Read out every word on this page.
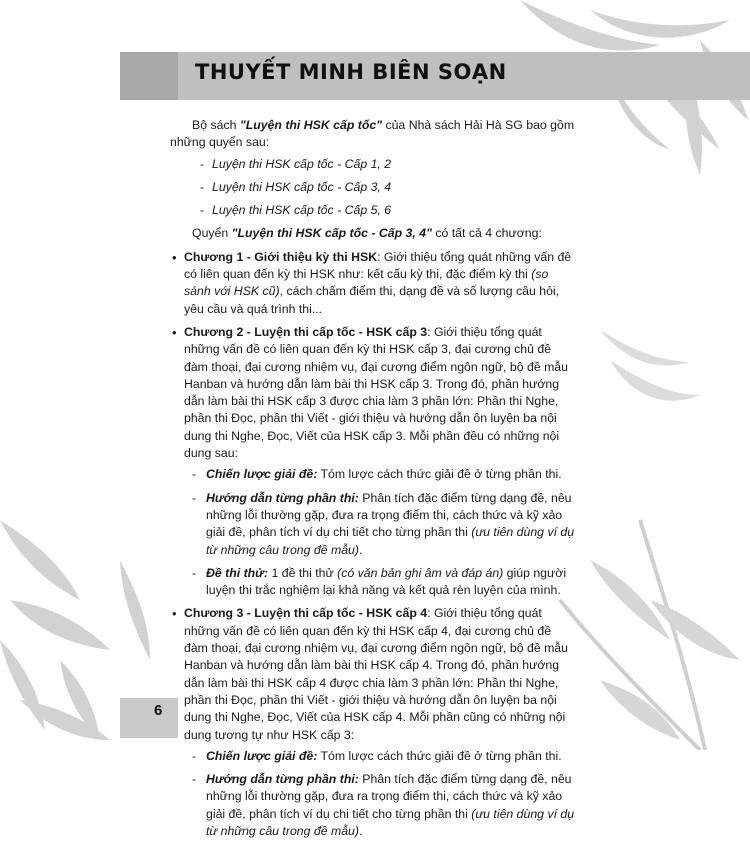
THUYẾT MINH BIÊN SOẠN

Bộ sách "Luyện thi HSK cấp tốc" của Nhà sách Hải Hà SG bao gồm những quyển sau:

- Luyện thi HSK cấp tốc - Cấp 1, 2
- Luyện thi HSK cấp tốc - Cấp 3, 4
- Luyện thi HSK cấp tốc - Cấp 5, 6

Quyển "Luyện thi HSK cấp tốc - Cấp 3, 4" có tất cả 4 chương:

• Chương 1 - Giới thiệu kỳ thi HSK: Giới thiệu tổng quát những vấn đề có liên quan đến kỳ thi HSK như: kết cấu kỳ thi, đặc điểm kỳ thi (so sánh với HSK cũ), cách chấm điểm thi, dạng đề và số lượng câu hỏi, yêu cầu và quá trình thi...
• Chương 2 - Luyện thi cấp tốc - HSK cấp 3: Giới thiệu tổng quát những vấn đề có liên quan đến kỳ thi HSK cấp 3, đại cương chủ đề đàm thoại, đại cương nhiệm vụ, đại cương điểm ngôn ngữ, bộ đề mẫu Hanban và hướng dẫn làm bài thi HSK cấp 3. Trong đó, phần hướng dẫn làm bài thi HSK cấp 3 được chia làm 3 phần lớn: Phần thi Nghe, phần thi Đọc, phần thi Viết - giới thiệu và hướng dẫn ôn luyện ba nội dung thi Nghe, Đọc, Viết của HSK cấp 3. Mỗi phần đều có những nội dung sau:
- Chiến lược giải đề: Tóm lược cách thức giải đề ở từng phần thi.
- Hướng dẫn từng phần thi: Phân tích đặc điểm từng dạng đề, nêu những lỗi thường gặp, đưa ra trọng điểm thi, cách thức và kỹ xảo giải đề, phân tích ví dụ chi tiết cho từng phần thi (ưu tiên dùng ví dụ từ những câu trong đề mẫu).
- Đề thi thử: 1 đề thi thử (có văn bản ghi âm và đáp án) giúp người luyện thi trắc nghiệm lại khả năng và kết quả rèn luyện của mình.
• Chương 3 - Luyện thi cấp tốc - HSK cấp 4: Giới thiệu tổng quát những vấn đề có liên quan đến kỳ thi HSK cấp 4, đại cương chủ đề đàm thoại, đại cương nhiệm vụ, đại cương điểm ngôn ngữ, bộ đề mẫu Hanban và hướng dẫn làm bài thi HSK cấp 4. Trong đó, phần hướng dẫn làm bài thi HSK cấp 4 được chia làm 3 phần lớn: Phần thi Nghe, phần thi Đọc, phần thi Viết - giới thiệu và hướng dẫn ôn luyện ba nội dung thi Nghe, Đọc, Viết của HSK cấp 4. Mỗi phần cũng có những nội dung tương tự như HSK cấp 3:
- Chiến lược giải đề: Tóm lược cách thức giải đề ở từng phần thi.
- Hướng dẫn từng phần thi: Phân tích đặc điểm từng dạng đề, nêu những lỗi thường gặp, đưa ra trọng điểm thi, cách thức và kỹ xảo giải đề, phân tích ví dụ chi tiết cho từng phần thi (ưu tiên dùng ví dụ từ những câu trong đề mẫu).
6
